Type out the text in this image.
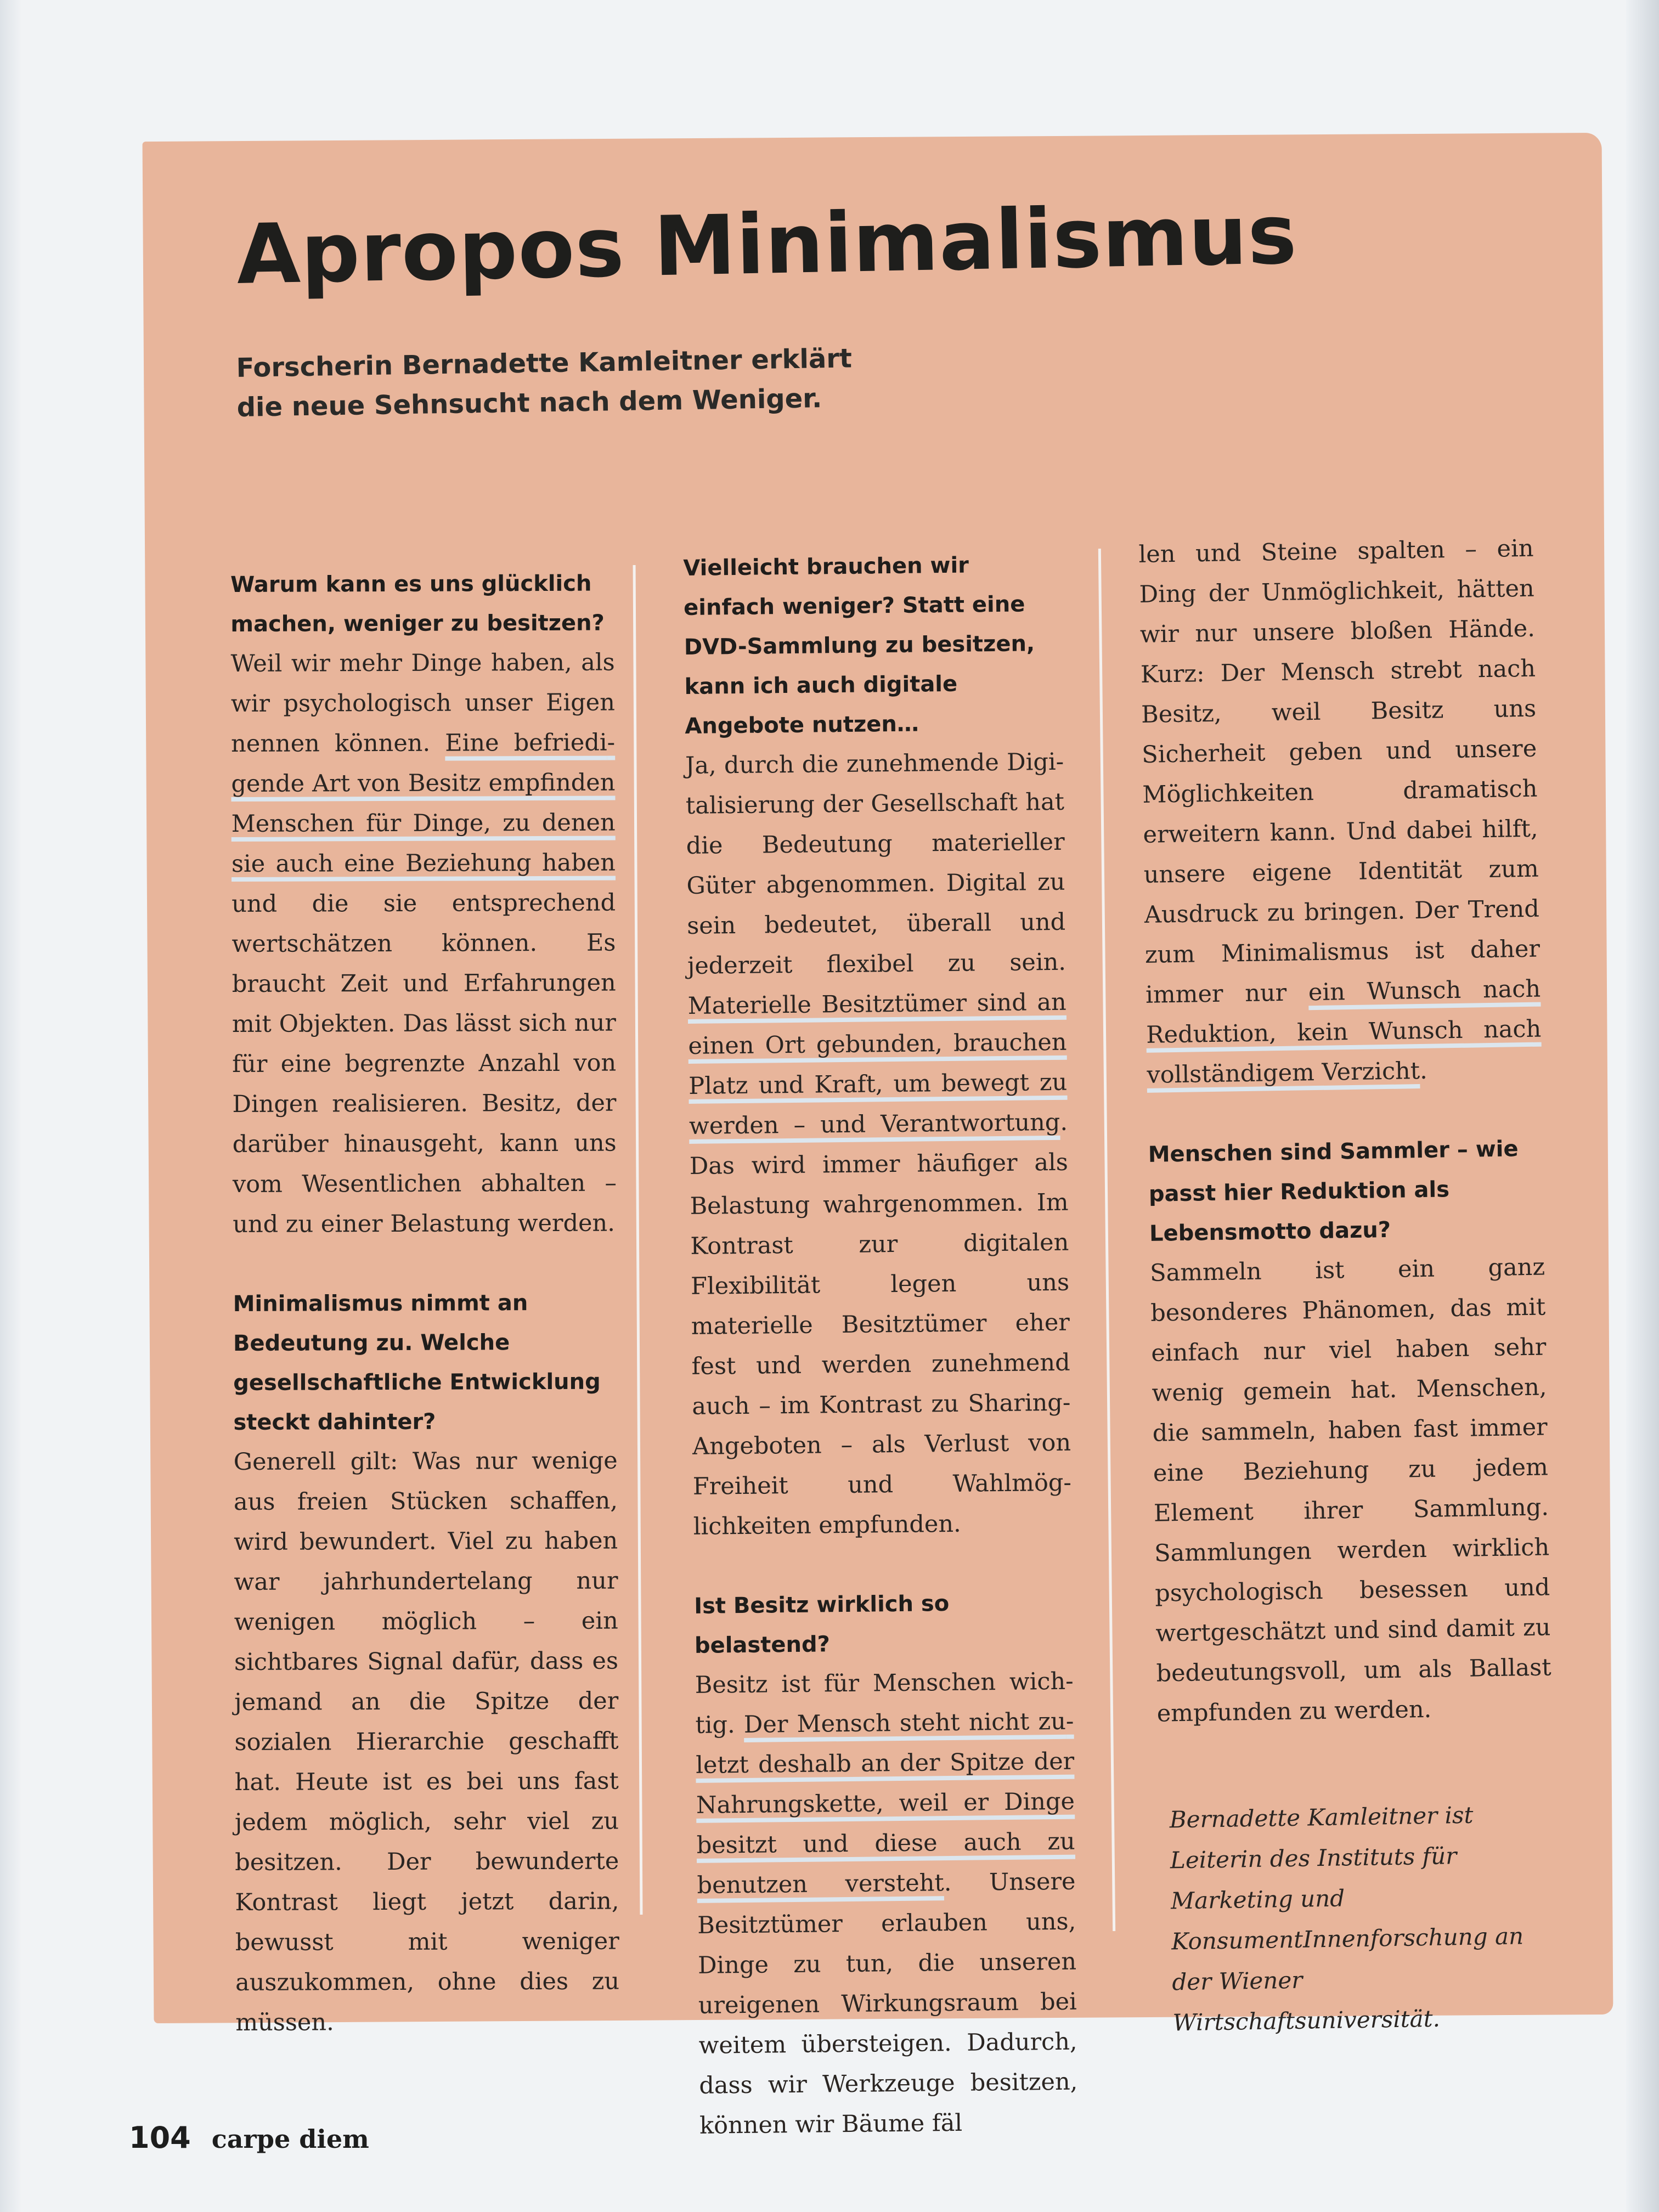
Apropos Minimalismus
Forscherin Bernadette Kamleitner erklärt
die neue Sehnsucht nach dem Weniger.

Warum kann es uns glücklich machen, weniger zu besitzen?

Weil wir mehr Dinge haben, als wir psychologisch unser Eigen nennen können. Eine befriedigende Art von Besitz empfinden Menschen für Dinge, zu denen sie auch eine Beziehung haben und die sie entsprechend wertschätzen können. Es braucht Zeit und Erfahrungen mit Objekten. Das lässt sich nur für eine begrenzte Anzahl von Dingen realisieren. Besitz, der darüber hinausgeht, kann uns vom Wesentlichen abhalten – und zu einer Belastung werden.

Minimalismus nimmt an Bedeutung zu. Welche gesellschaftliche Entwicklung steckt dahinter?

Generell gilt: Was nur wenige aus freien Stücken schaffen, wird bewundert. Viel zu haben war jahrhundertelang nur wenigen möglich – ein sichtbares Signal dafür, dass es jemand an die Spitze der sozialen Hierarchie geschafft hat. Heute ist es bei uns fast jedem möglich, sehr viel zu besitzen. Der bewunderte Kontrast liegt jetzt darin, bewusst mit weniger auszukommen, ohne dies zu müssen.

Vielleicht brauchen wir einfach weniger? Statt eine DVD-Sammlung zu besitzen, kann ich auch digitale Angebote nutzen…

Ja, durch die zunehmende Digitalisierung der Gesellschaft hat die Bedeutung materieller Güter abgenommen. Digital zu sein bedeutet, überall und jederzeit flexibel zu sein. Materielle Besitztümer sind an einen Ort gebunden, brauchen Platz und Kraft, um bewegt zu werden – und Verantwortung. Das wird immer häufiger als Belastung wahrgenommen. Im Kontrast zur digitalen Flexibilität legen uns materielle Besitztümer eher fest und werden zunehmend auch – im Kontrast zu Sharing-Angeboten – als Verlust von Freiheit und Wahlmöglichkeiten empfunden.

Ist Besitz wirklich so belastend?

Besitz ist für Menschen wichtig. Der Mensch steht nicht zuletzt deshalb an der Spitze der Nahrungskette, weil er Dinge besitzt und diese auch zu benutzen versteht. Unsere Besitztümer erlauben uns, Dinge zu tun, die unseren ureigenen Wirkungsraum bei weitem übersteigen. Dadurch, dass wir Werkzeuge besitzen, können wir Bäume fäl

len und Steine spalten – ein Ding der Unmöglichkeit, hätten wir nur unsere bloßen Hände. Kurz: Der Mensch strebt nach Besitz, weil Besitz uns Sicherheit geben und unsere Möglichkeiten dramatisch erweitern kann. Und dabei hilft, unsere eigene Identität zum Ausdruck zu bringen. Der Trend zum Minimalismus ist daher immer nur ein Wunsch nach Reduktion, kein Wunsch nach vollständigem Verzicht.

Menschen sind Sammler – wie passt hier Reduktion als Lebensmotto dazu?

Sammeln ist ein ganz besonderes Phänomen, das mit einfach nur viel haben sehr wenig gemein hat. Menschen, die sammeln, haben fast immer eine Beziehung zu jedem Element ihrer Sammlung. Sammlungen werden wirklich psychologisch besessen und wertgeschätzt und sind damit zu bedeutungsvoll, um als Ballast empfunden zu werden.

Bernadette Kamleitner ist Leiterin des Instituts für Marketing und KonsumentInnenforschung an der Wiener Wirtschaftsuniversität.

104 carpe diem
